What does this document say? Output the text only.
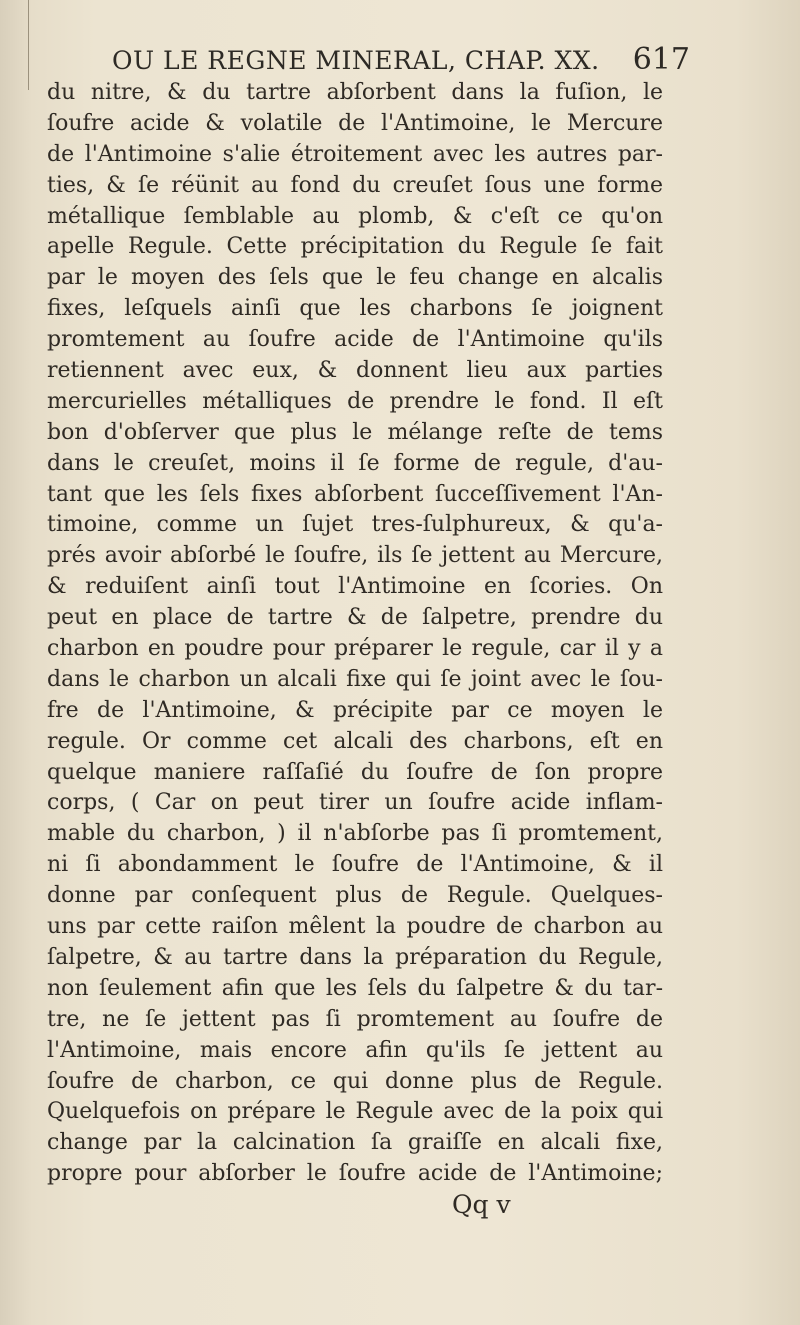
OU LE REGNE MINERAL, CHAP. XX. 617
du nitre, & du tartre abſorbent dans la fuſion, le
ſoufre acide & volatile de l'Antimoine, le Mercure
de l'Antimoine s'alie étroitement avec les autres par-
ties, & ſe réünit au fond du creuſet ſous une forme
métallique ſemblable au plomb, & c'eſt ce qu'on
apelle Regule. Cette précipitation du Regule ſe fait
par le moyen des ſels que le feu change en alcalis
fixes, leſquels ainſi que les charbons ſe joignent
promtement au ſoufre acide de l'Antimoine qu'ils
retiennent avec eux, & donnent lieu aux parties
mercurielles métalliques de prendre le fond. Il eſt
bon d'obſerver que plus le mélange reſte de tems
dans le creuſet, moins il ſe forme de regule, d'au-
tant que les ſels fixes abſorbent ſucceſſivement l'An-
timoine, comme un ſujet tres-ſulphureux, & qu'a-
prés avoir abſorbé le ſoufre, ils ſe jettent au Mercure,
& reduiſent ainſi tout l'Antimoine en ſcories. On
peut en place de tartre & de ſalpetre, prendre du
charbon en poudre pour préparer le regule, car il y a
dans le charbon un alcali fixe qui ſe joint avec le ſou-
fre de l'Antimoine, & précipite par ce moyen le
regule. Or comme cet alcali des charbons, eſt en
quelque maniere raſſaſié du ſoufre de ſon propre
corps, ( Car on peut tirer un ſoufre acide inflam-
mable du charbon, ) il n'abſorbe pas ſi promtement,
ni ſi abondamment le ſoufre de l'Antimoine, & il
donne par conſequent plus de Regule. Quelques-
uns par cette raiſon mêlent la poudre de charbon au
ſalpetre, & au tartre dans la préparation du Regule,
non ſeulement afin que les ſels du ſalpetre & du tar-
tre, ne ſe jettent pas ſi promtement au ſoufre de
l'Antimoine, mais encore afin qu'ils ſe jettent au
ſoufre de charbon, ce qui donne plus de Regule.
Quelquefois on prépare le Regule avec de la poix qui
change par la calcination ſa graiſſe en alcali fixe,
propre pour abſorber le ſoufre acide de l'Antimoine;
Qq v
